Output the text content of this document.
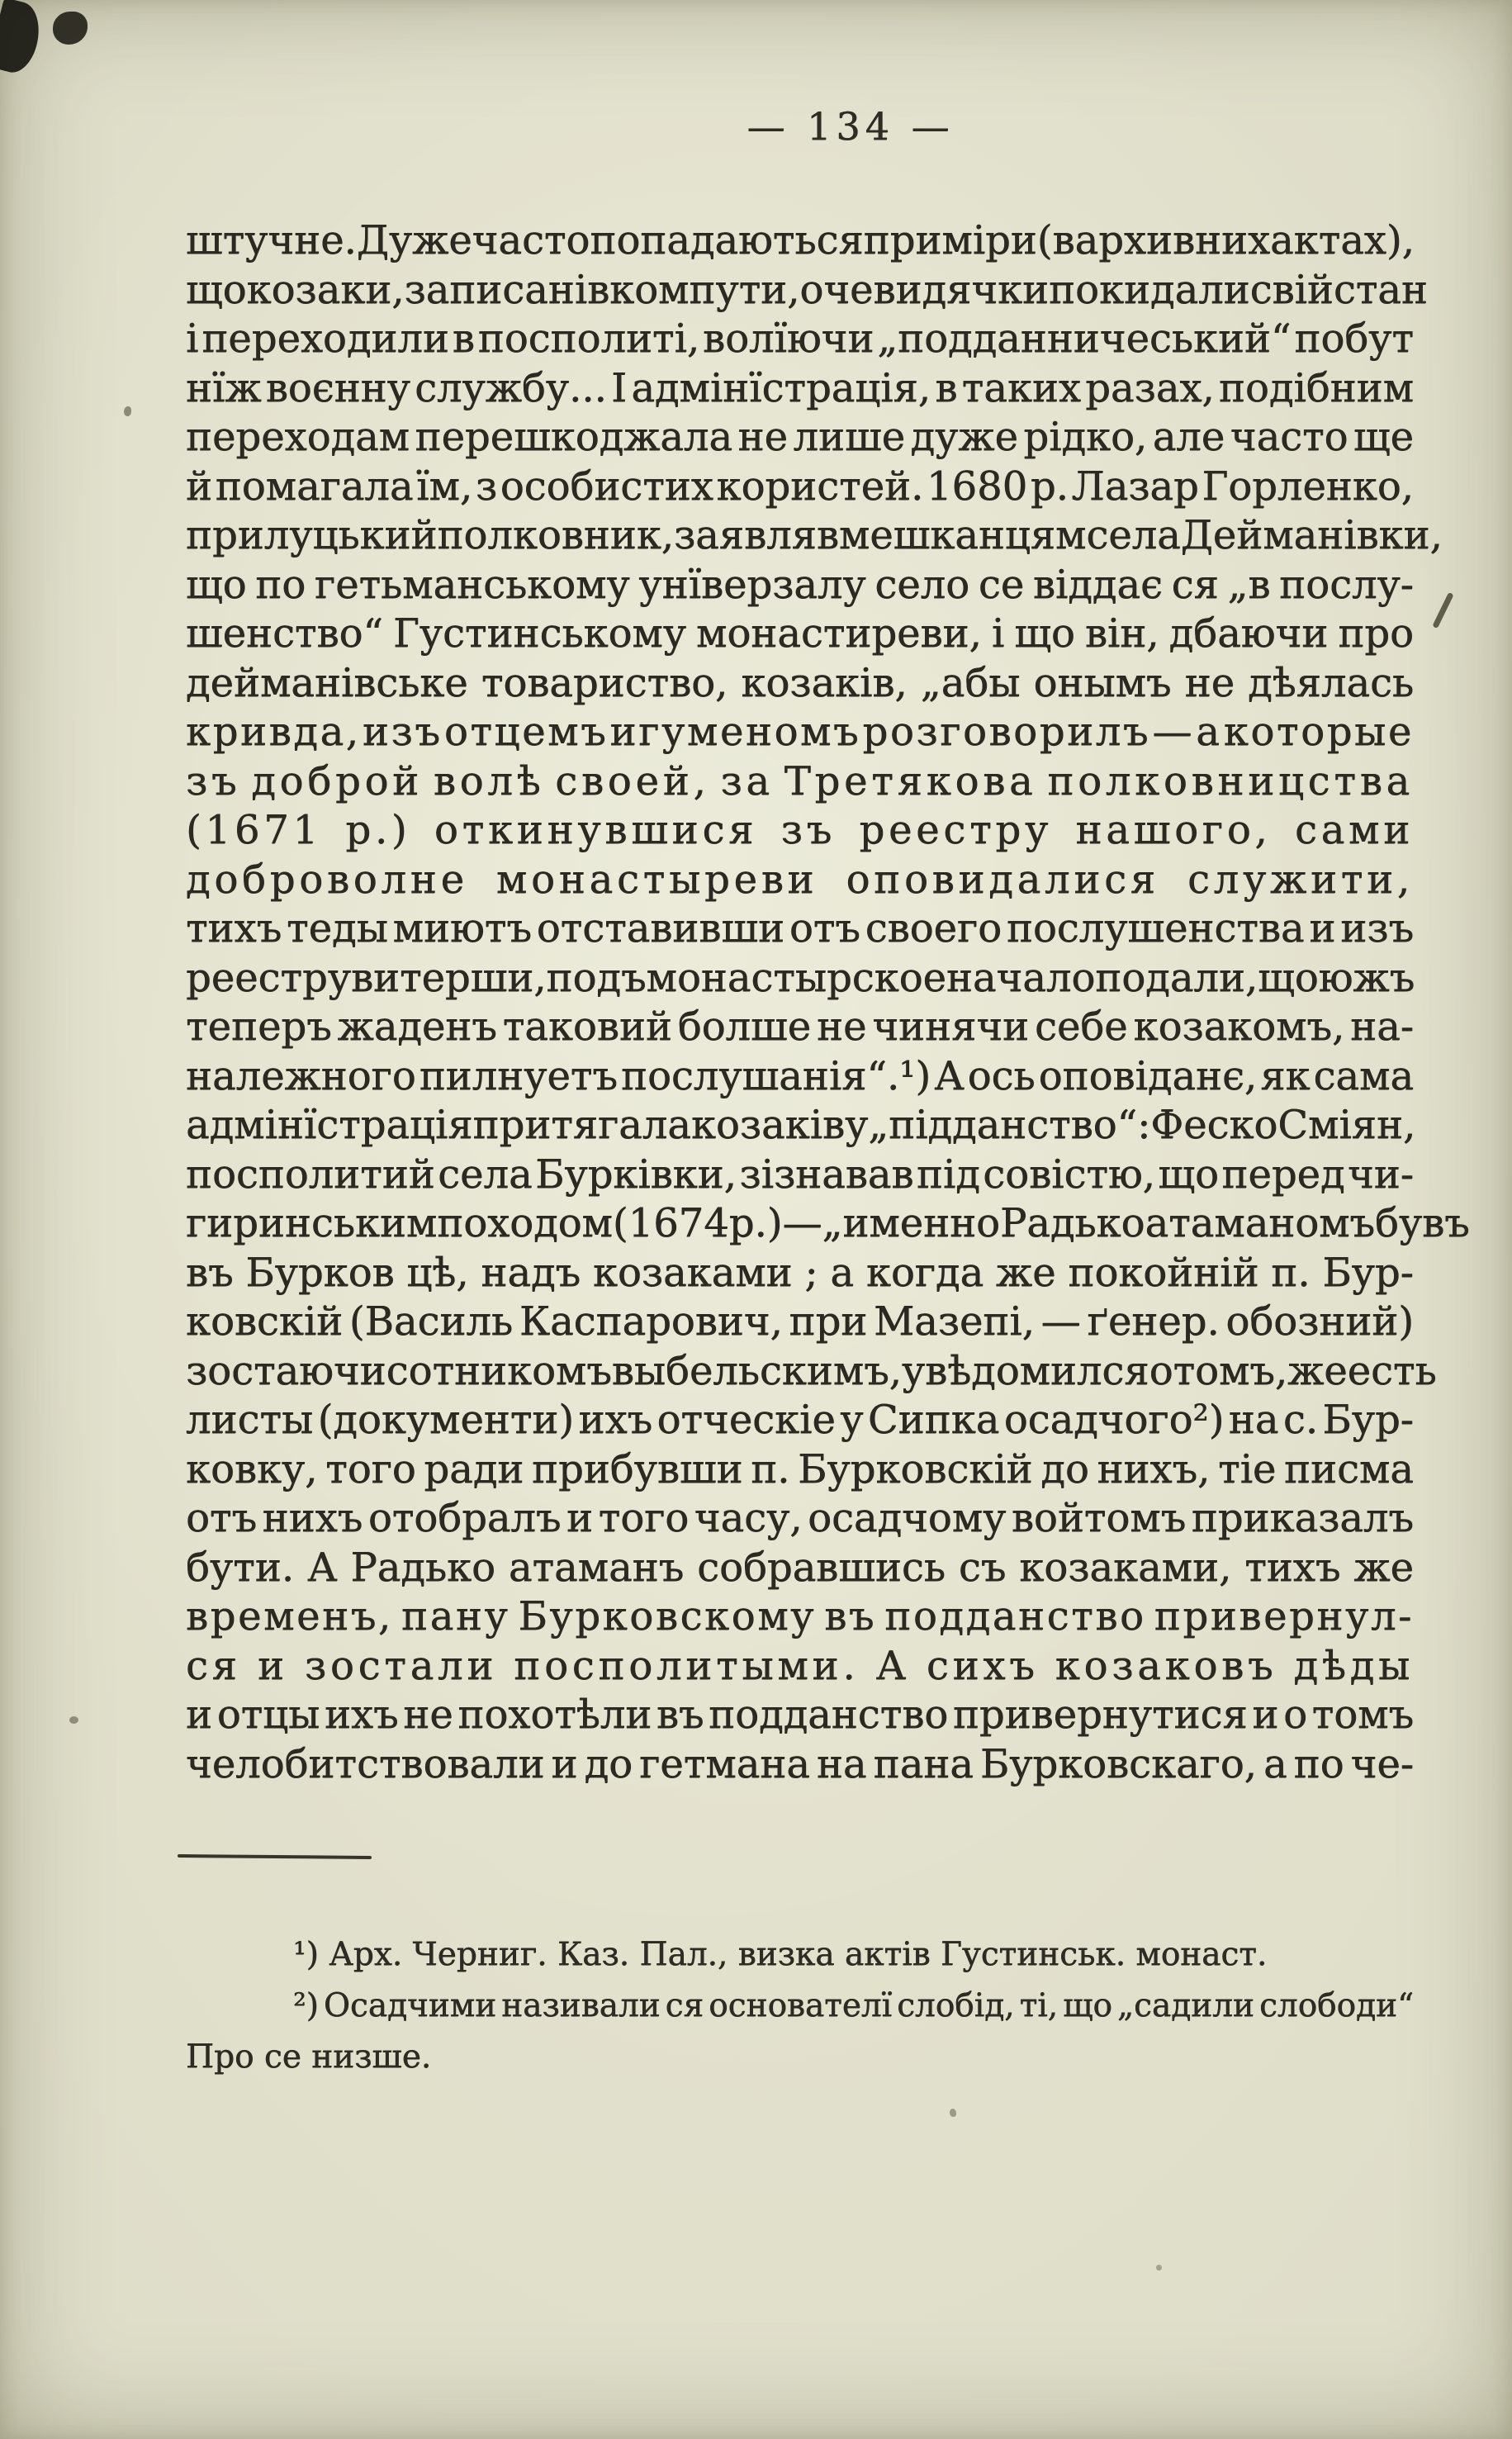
— 134 —
штучне. Дуже часто попадають ся приміри (в архивних актах),
що козаки, записані в компути, очевидячки покидали свій стан
і переходили в посполиті, волїючи „подданничеський“ побут
нїж воєнну службу... І адмінїстрація, в таких разах, подібним
переходам перешкоджала не лише дуже рідко, але часто ще
й помагала їм, з особистих користей. 1680 р. Лазар Горленко,
прилуцький полковник, заявляв мешканцям села Дейманівки,
що по гетьманському унїверзалу село се віддає ся „в послу-
шенство“ Густинському монастиреви, і що він, дбаючи про
дейманівське товариство, козаків, „абы онымъ не дѣялась
кривда, изъ отцемъ игуменомъ розговорилъ — а которые
зъ доброй волѣ своей, за Третякова полковницства
(1671 р.) откинувшися зъ реестру нашого, сами
доброволне монастыреви оповидалися служити,
тихъ теды миютъ отставивши отъ своего послушенства и изъ
реестру витерши, подъ монастырское начало подали, що южъ
теперъ жаденъ таковий болше не чинячи себе козакомъ, на-
належного пилнуетъ послушанія“.¹) А ось оповіданє, як сама
адмінїстрація притягала козаків у „підданство“ : Феско Сміян,
посполитий села Бурківки, зізнавав під совістю, що перед чи-
гиринським походом (1674 р.) — „именно Радько атаманомъ бувъ
въ Бурков цѣ, надъ козаками ; а когда же покойній п. Бур-
ковскій (Василь Каспарович, при Мазепі, — ґенер. обозний)
зостаючи сотникомъ выбельскимъ, увѣдомился о томъ, же есть
листы (документи) ихъ отческіе у Сипка осадчого²) на с. Бур-
ковку, того ради прибувши п. Бурковскій до нихъ, тіе писма
отъ нихъ отобралъ и того часу, осадчому войтомъ приказалъ
бути. А Радько атаманъ собравшись съ козаками, тихъ же
временъ, пану Бурковскому въ подданство привернул-
ся и зостали посполитыми. А сихъ козаковъ дѣды
и отцы ихъ не похотѣли въ подданство привернутися и о томъ
челобитствовали и до гетмана на пана Бурковскаго, а по че-
¹) Арх. Черниг. Каз. Пал., визка актів Густинськ. монаст.
²) Осадчими називали ся основателї слобід, ті, що „садили слободи“
Про се низше.
